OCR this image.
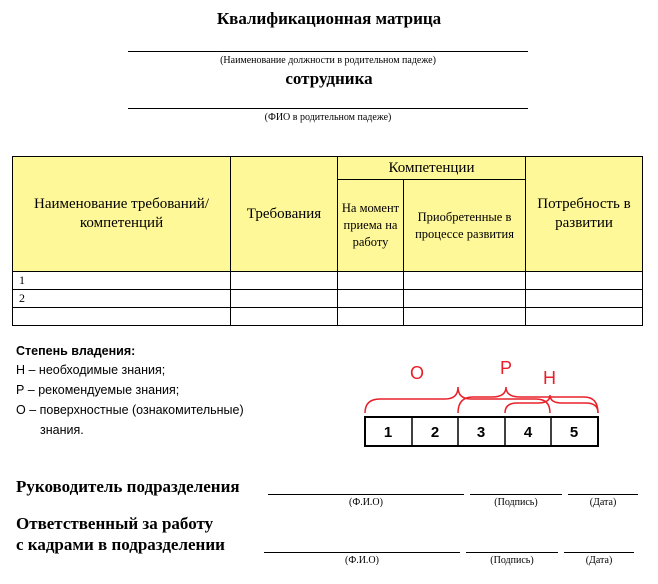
Квалификационная матрица
(Наименование должности в родительном падеже)
сотрудника
(ФИО в родительном падеже)
Наименование требований/компетенций	Требования	Компетенции		Потребность в развитии
		На момент приема на работу	Приобретенные в процессе развития	
1				
2				

Степень владения:
Н – необходимые знания;
Р – рекомендуемые знания;
О – поверхностные (ознакомительные)
знания.
О	Р Н
1	2	3	4	5
Руководитель подразделения
(Ф.И.О)	(Подпись)	(Дата)
Ответственный за работу
с кадрами в подразделении
(Ф.И.О)	(Подпись)	(Дата)
